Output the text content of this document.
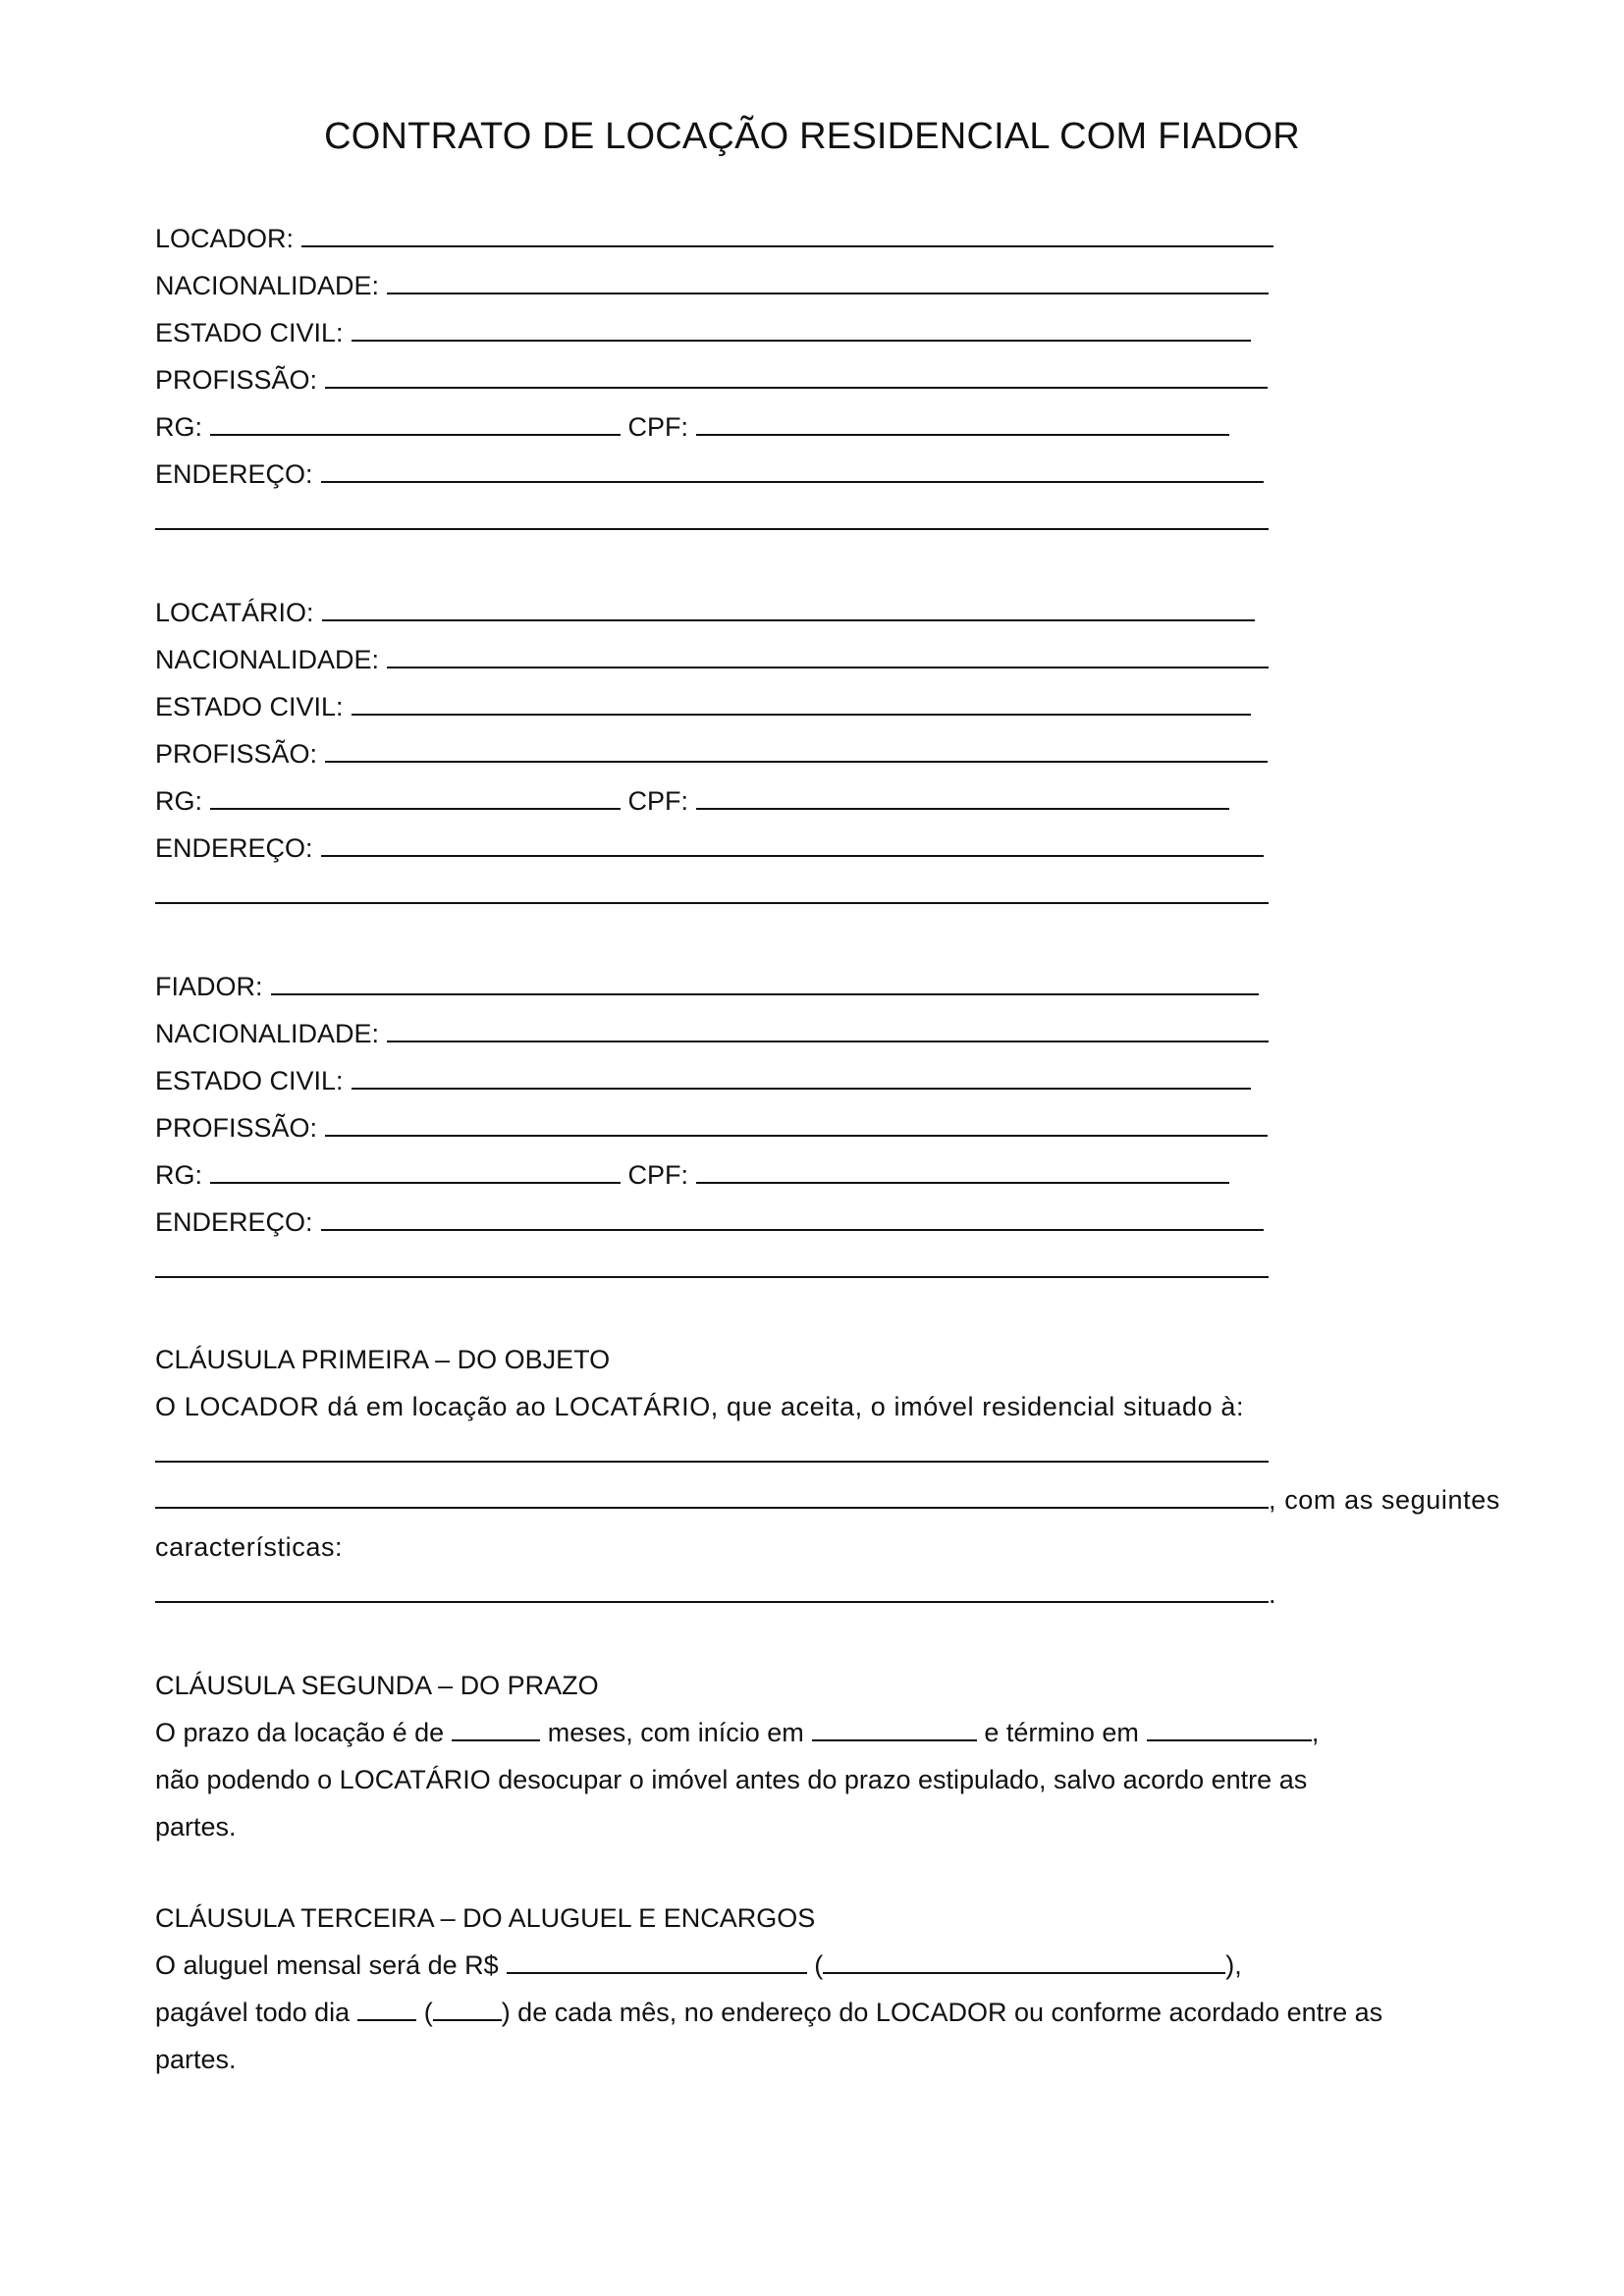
CONTRATO DE LOCAÇÃO RESIDENCIAL COM FIADOR
LOCADOR:
NACIONALIDADE:
ESTADO CIVIL:
PROFISSÃO:
RG:	CPF:
ENDEREÇO:
LOCATÁRIO:
NACIONALIDADE:
ESTADO CIVIL:
PROFISSÃO:
RG:	CPF:
ENDEREÇO:
FIADOR:
NACIONALIDADE:
ESTADO CIVIL:
PROFISSÃO:
RG:	CPF:
ENDEREÇO:
CLÁUSULA PRIMEIRA – DO OBJETO
O LOCADOR dá em locação ao LOCATÁRIO, que aceita, o imóvel residencial situado à:
, com as seguintes
características:
.
CLÁUSULA SEGUNDA – DO PRAZO
O prazo da locação é de	meses, com início em	e término em	,
não podendo o LOCATÁRIO desocupar o imóvel antes do prazo estipulado, salvo acordo entre as
partes.
CLÁUSULA TERCEIRA – DO ALUGUEL E ENCARGOS
O aluguel mensal será de R$	(	),
pagável todo dia	(	) de cada mês, no endereço do LOCADOR ou conforme acordado entre as
partes.
